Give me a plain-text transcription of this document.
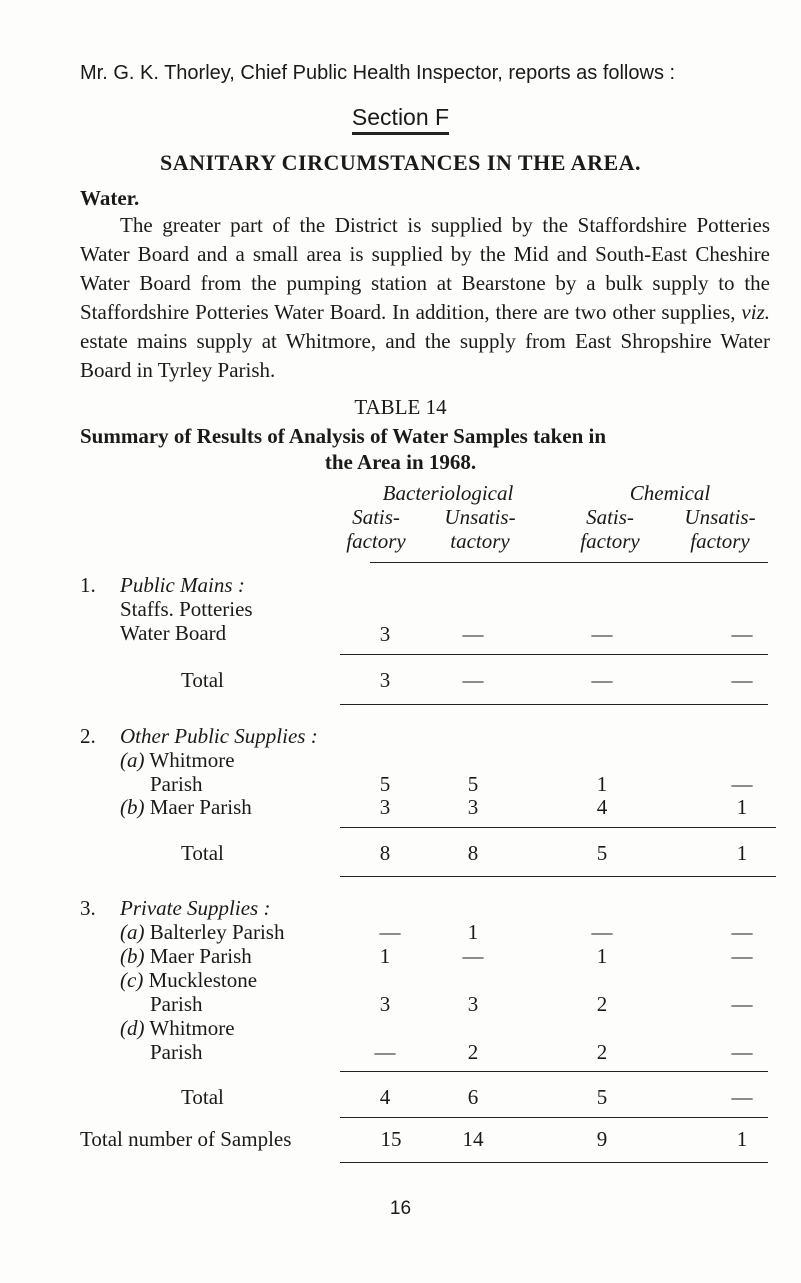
Mr. G. K. Thorley, Chief Public Health Inspector, reports as follows :
Section F
SANITARY CIRCUMSTANCES IN THE AREA.
Water.
The greater part of the District is supplied by the Staffordshire Potteries Water Board and a small area is supplied by the Mid and South-East Cheshire Water Board from the pumping station at Bearstone by a bulk supply to the Staffordshire Potteries Water Board. In addition, there are two other supplies, viz. estate mains supply at Whitmore, and the supply from East Shropshire Water Board in Tyrley Parish.
TABLE 14
Summary of Results of Analysis of Water Samples taken in
the Area in 1968.
Bacteriological	Chemical
Satis-	Unsatis-	Satis-	Unsatis-
factory	tactory	factory	factory
1. Public Mains :
Staffs. Potteries
Water Board	3	—	—	—
Total	3	—	—	—
2. Other Public Supplies :
(a) Whitmore
Parish	5	5	1	—
(b) Maer Parish	3	3	4	1
Total	8	8	5	1
3. Private Supplies :
(a) Balterley Parish	—	1	—	—
(b) Maer Parish	1	—	1	—
(c) Mucklestone
Parish	3	3	2	—
(d) Whitmore
Parish	—	2	2	—
Total	4	6	5	—
Total number of Samples	15	14	9	1
16
